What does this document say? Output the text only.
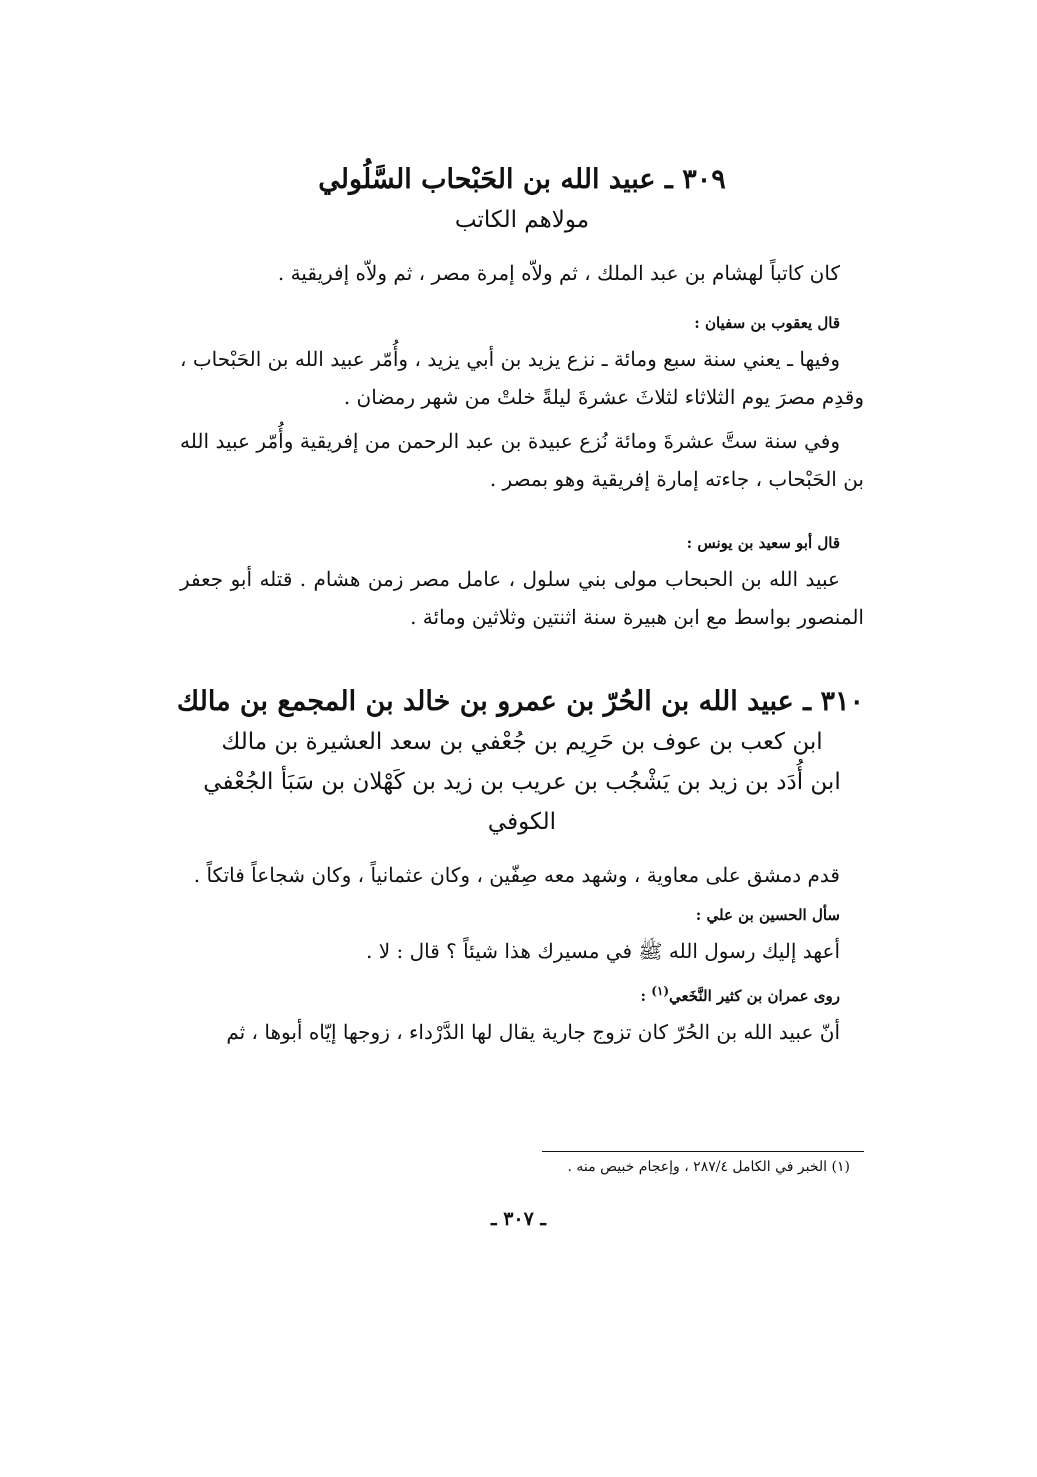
٣٠٩ ـ عبيد الله بن الحَبْحاب السَّلُولي

مولاهم الكاتب

كان كاتباً لهشام بن عبد الملك ، ثم ولاّه إمرة مصر ، ثم ولاّه إفريقية .

قال يعقوب بن سفيان :

وفيها ـ يعني سنة سبع ومائة ـ نزع يزيد بن أبي يزيد ، وأُمّر عبيد الله بن الحَبْحاب ، وقدِم مصرَ يوم الثلاثاء لثلاثَ عشرةَ ليلةً خلتْ من شهر رمضان .

وفي سنة ستَّ عشرةَ ومائة نُزع عبيدة بن عبد الرحمن من إفريقية وأُمّر عبيد الله بن الحَبْحاب ، جاءته إمارة إفريقية وهو بمصر .

قال أبو سعيد بن يونس :

عبيد الله بن الحبحاب مولى بني سلول ، عامل مصر زمن هشام . قتله أبو جعفر المنصور بواسط مع ابن هبيرة سنة اثنتين وثلاثين ومائة .

٣١٠ ـ عبيد الله بن الحُرّ بن عمرو بن خالد بن المجمع بن مالك

ابن كعب بن عوف بن حَرِيم بن جُعْفي بن سعد العشيرة بن مالك

ابن أُدَد بن زيد بن يَشْجُب بن عريب بن زيد بن كَهْلان بن سَبَأ الجُعْفي

الكوفي

قدم دمشق على معاوية ، وشهد معه صِفّين ، وكان عثمانياً ، وكان شجاعاً فاتكاً .

سأل الحسين بن علي :

أعهد إليك رسول الله ﷺ في مسيرك هذا شيئاً ؟ قال : لا .

روى عمران بن كثير النَّخَعي$^{(١)}$ :

أنّ عبيد الله بن الحُرّ كان تزوج جارية يقال لها الدَّرْداء ، زوجها إيّاه أبوها ، ثم

(١) الخبر في الكامل ٢٨٧/٤ ، وإعجام خبيص منه .
ـ ٣٠٧ ـ
